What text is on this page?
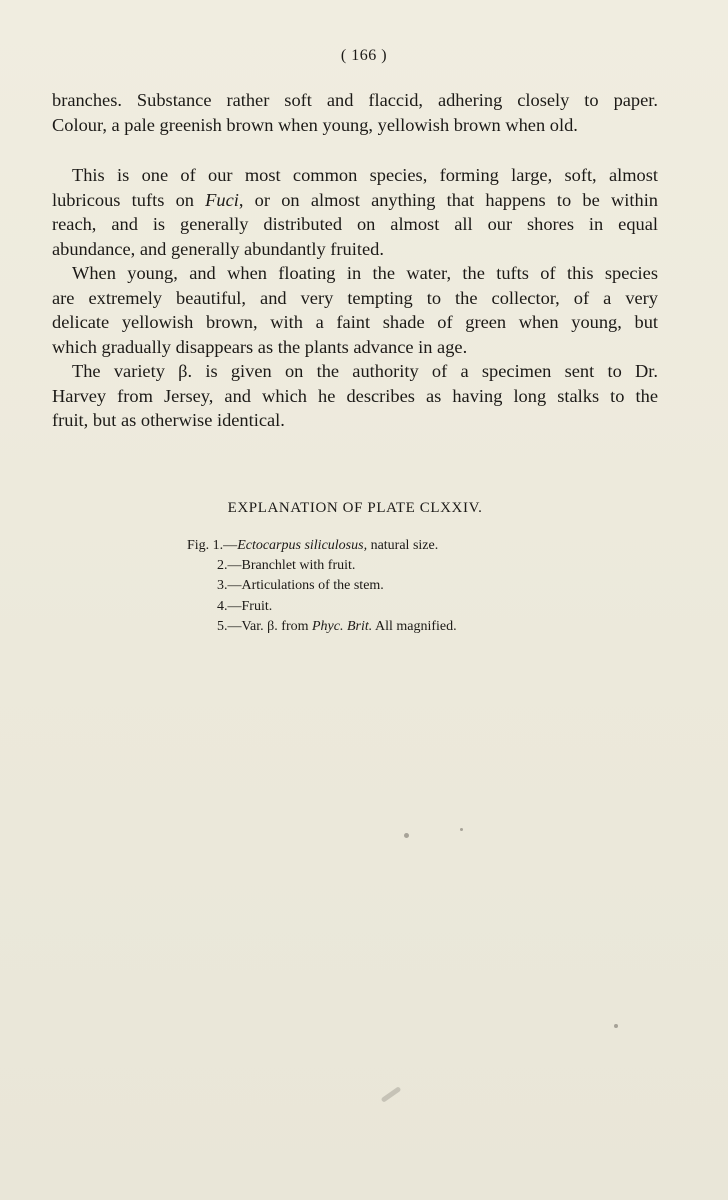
( 166 )

branches. Substance rather soft and flaccid, adhering closely to paper.
Colour, a pale greenish brown when young, yellowish brown when old.

This is one of our most common species, forming large, soft, almost
lubricous tufts on Fuci, or on almost anything that happens to be within
reach, and is generally distributed on almost all our shores in equal
abundance, and generally abundantly fruited.

When young, and when floating in the water, the tufts of this species
are extremely beautiful, and very tempting to the collector, of a very
delicate yellowish brown, with a faint shade of green when young, but
which gradually disappears as the plants advance in age.

The variety β. is given on the authority of a specimen sent to Dr.
Harvey from Jersey, and which he describes as having long stalks to the
fruit, but as otherwise identical.

EXPLANATION OF PLATE CLXXIV.
Fig. 1.—Ectocarpus siliculosus, natural size.
2.—Branchlet with fruit.
3.—Articulations of the stem.
4.—Fruit.
5.—Var. β. from Phyc. Brit. All magnified.
